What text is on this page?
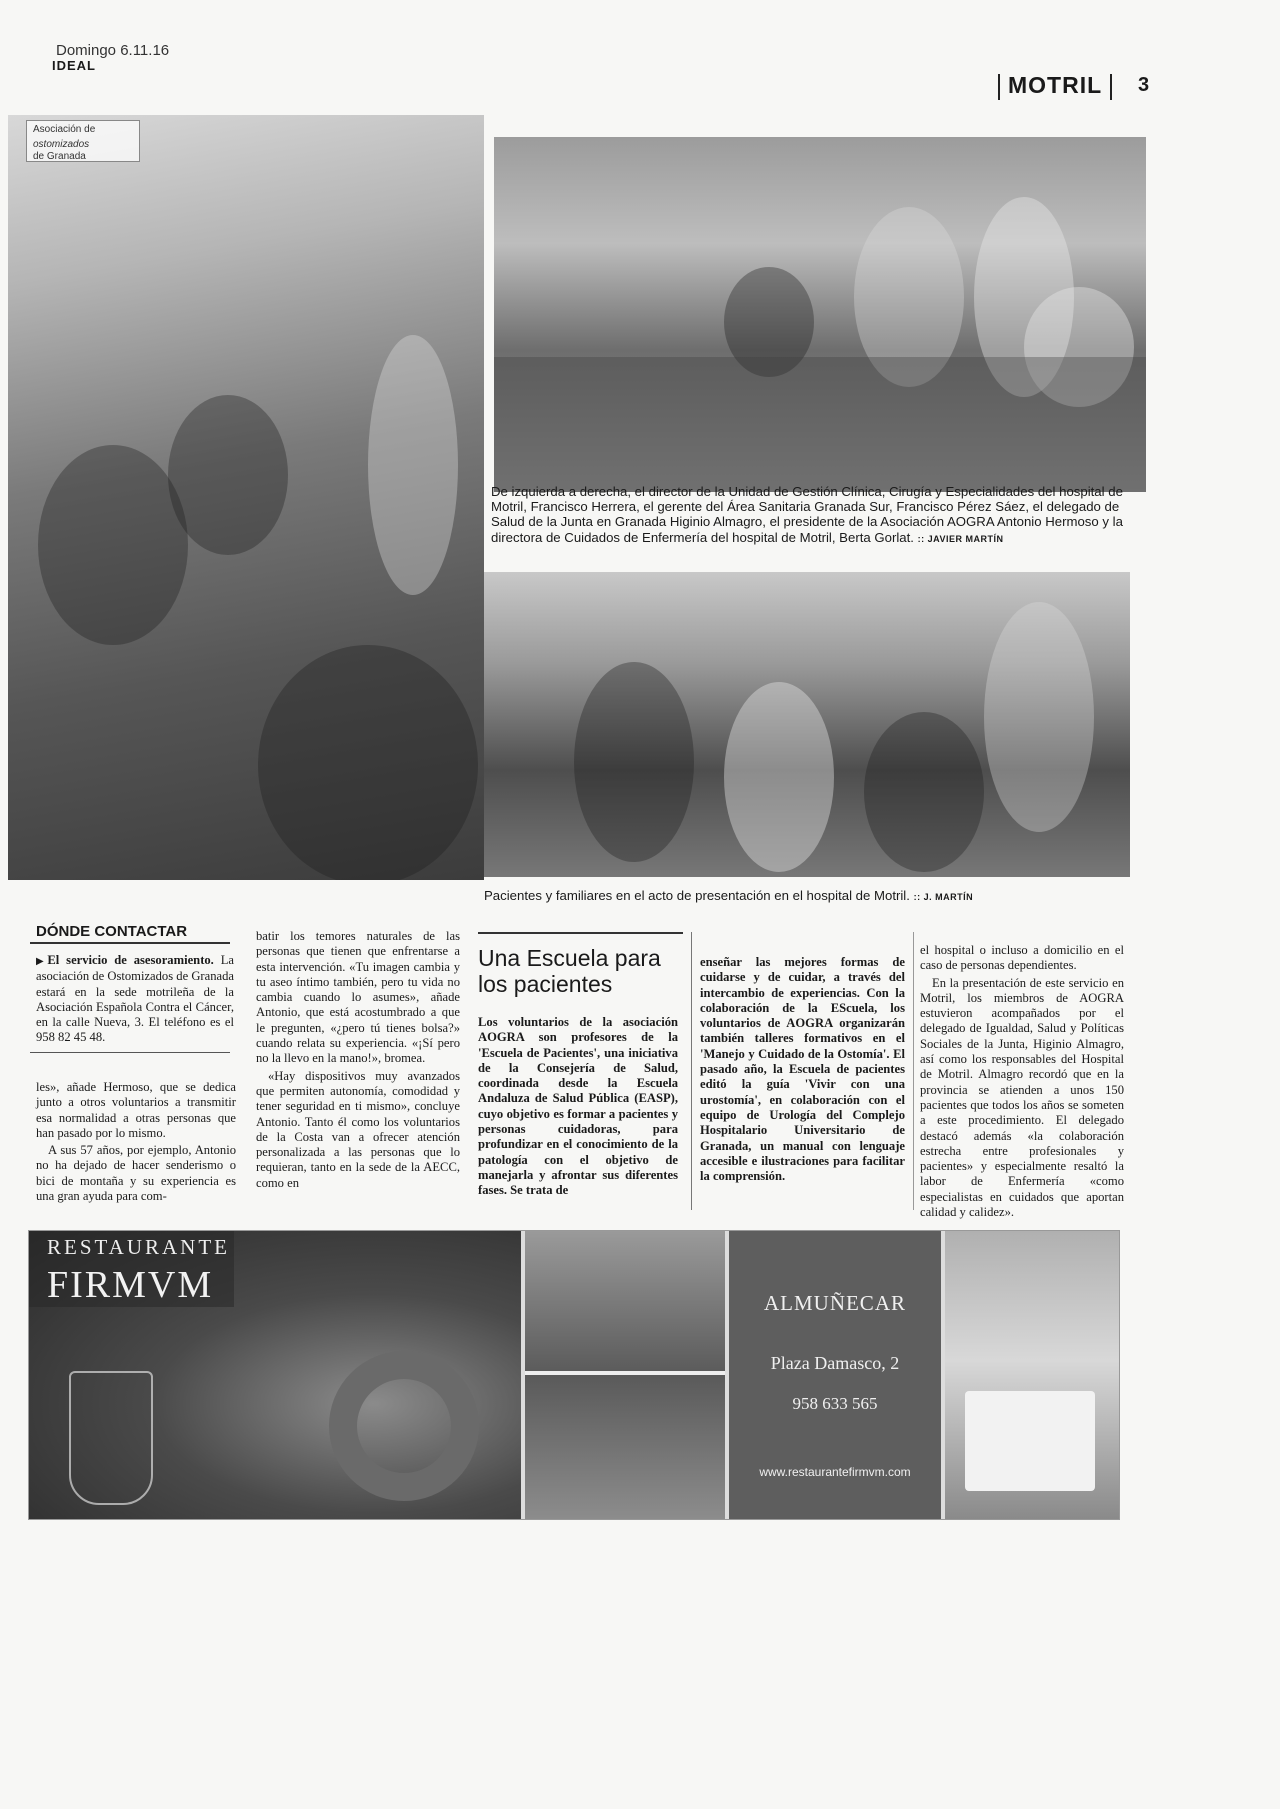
Domingo 6.11.16
IDEAL
MOTRIL 3
Asociación de
ostomizados
de Granada
De izquierda a derecha, el director de la Unidad de Gestión Clínica, Cirugía y Especialidades del hospital de Motril, Francisco Herrera, el gerente del Área Sanitaria Granada Sur, Francisco Pérez Sáez, el delegado de Salud de la Junta en Granada Higinio Almagro, el presidente de la Asociación AOGRA Antonio Hermoso y la directora de Cuidados de Enfermería del hospital de Motril, Berta Gorlat. :: JAVIER MARTÍN
Pacientes y familiares en el acto de presentación en el hospital de Motril. :: J. MARTÍN
DÓNDE CONTACTAR

▶El servicio de asesoramiento. La asociación de Ostomizados de Granada estará en la sede motrileña de la Asociación Española Contra el Cáncer, en la calle Nueva, 3. El teléfono es el 958 82 45 48.

les», añade Hermoso, que se dedica junto a otros voluntarios a transmitir esa normalidad a otras personas que han pasado por lo mismo.

A sus 57 años, por ejemplo, Antonio no ha dejado de hacer senderismo o bici de montaña y su experiencia es una gran ayuda para com-

batir los temores naturales de las personas que tienen que enfrentarse a esta intervención. «Tu imagen cambia y tu aseo íntimo también, pero tu vida no cambia cuando lo asumes», añade Antonio, que está acostumbrado a que le pregunten, «¿pero tú tienes bolsa?» cuando relata su experiencia. «¡Sí pero no la llevo en la mano!», bromea.

«Hay dispositivos muy avanzados que permiten autonomía, comodidad y tener seguridad en ti mismo», concluye Antonio. Tanto él como los voluntarios de la Costa van a ofrecer atención personalizada a las personas que lo requieran, tanto en la sede de la AECC, como en

Una Escuela para los pacientes
Los voluntarios de la asociación AOGRA son profesores de la 'Escuela de Pacientes', una iniciativa de la Consejería de Salud, coordinada desde la Escuela Andaluza de Salud Pública (EASP), cuyo objetivo es formar a pacientes y personas cuidadoras, para profundizar en el conocimiento de la patología con el objetivo de manejarla y afrontar sus diferentes fases. Se trata de
enseñar las mejores formas de cuidarse y de cuidar, a través del intercambio de experiencias. Con la colaboración de la EScuela, los voluntarios de AOGRA organizarán también talleres formativos en el 'Manejo y Cuidado de la Ostomía'. El pasado año, la Escuela de pacientes editó la guía 'Vivir con una urostomía', en colaboración con el equipo de Urología del Complejo Hospitalario Universitario de Granada, un manual con lenguaje accesible e ilustraciones para facilitar la comprensión.

el hospital o incluso a domicilio en el caso de personas dependientes.

En la presentación de este servicio en Motril, los miembros de AOGRA estuvieron acompañados por el delegado de Igualdad, Salud y Políticas Sociales de la Junta, Higinio Almagro, así como los responsables del Hospital de Motril. Almagro recordó que en la provincia se atienden a unos 150 pacientes que todos los años se someten a este procedimiento. El delegado destacó además «la colaboración estrecha entre profesionales y pacientes» y especialmente resaltó la labor de Enfermería «como especialistas en cuidados que aportan calidad y calidez».

RESTAURANTE
FIRMVM	ALMUÑECAR
Plaza Damasco, 2
958 633 565
www.restaurantefirmvm.com
